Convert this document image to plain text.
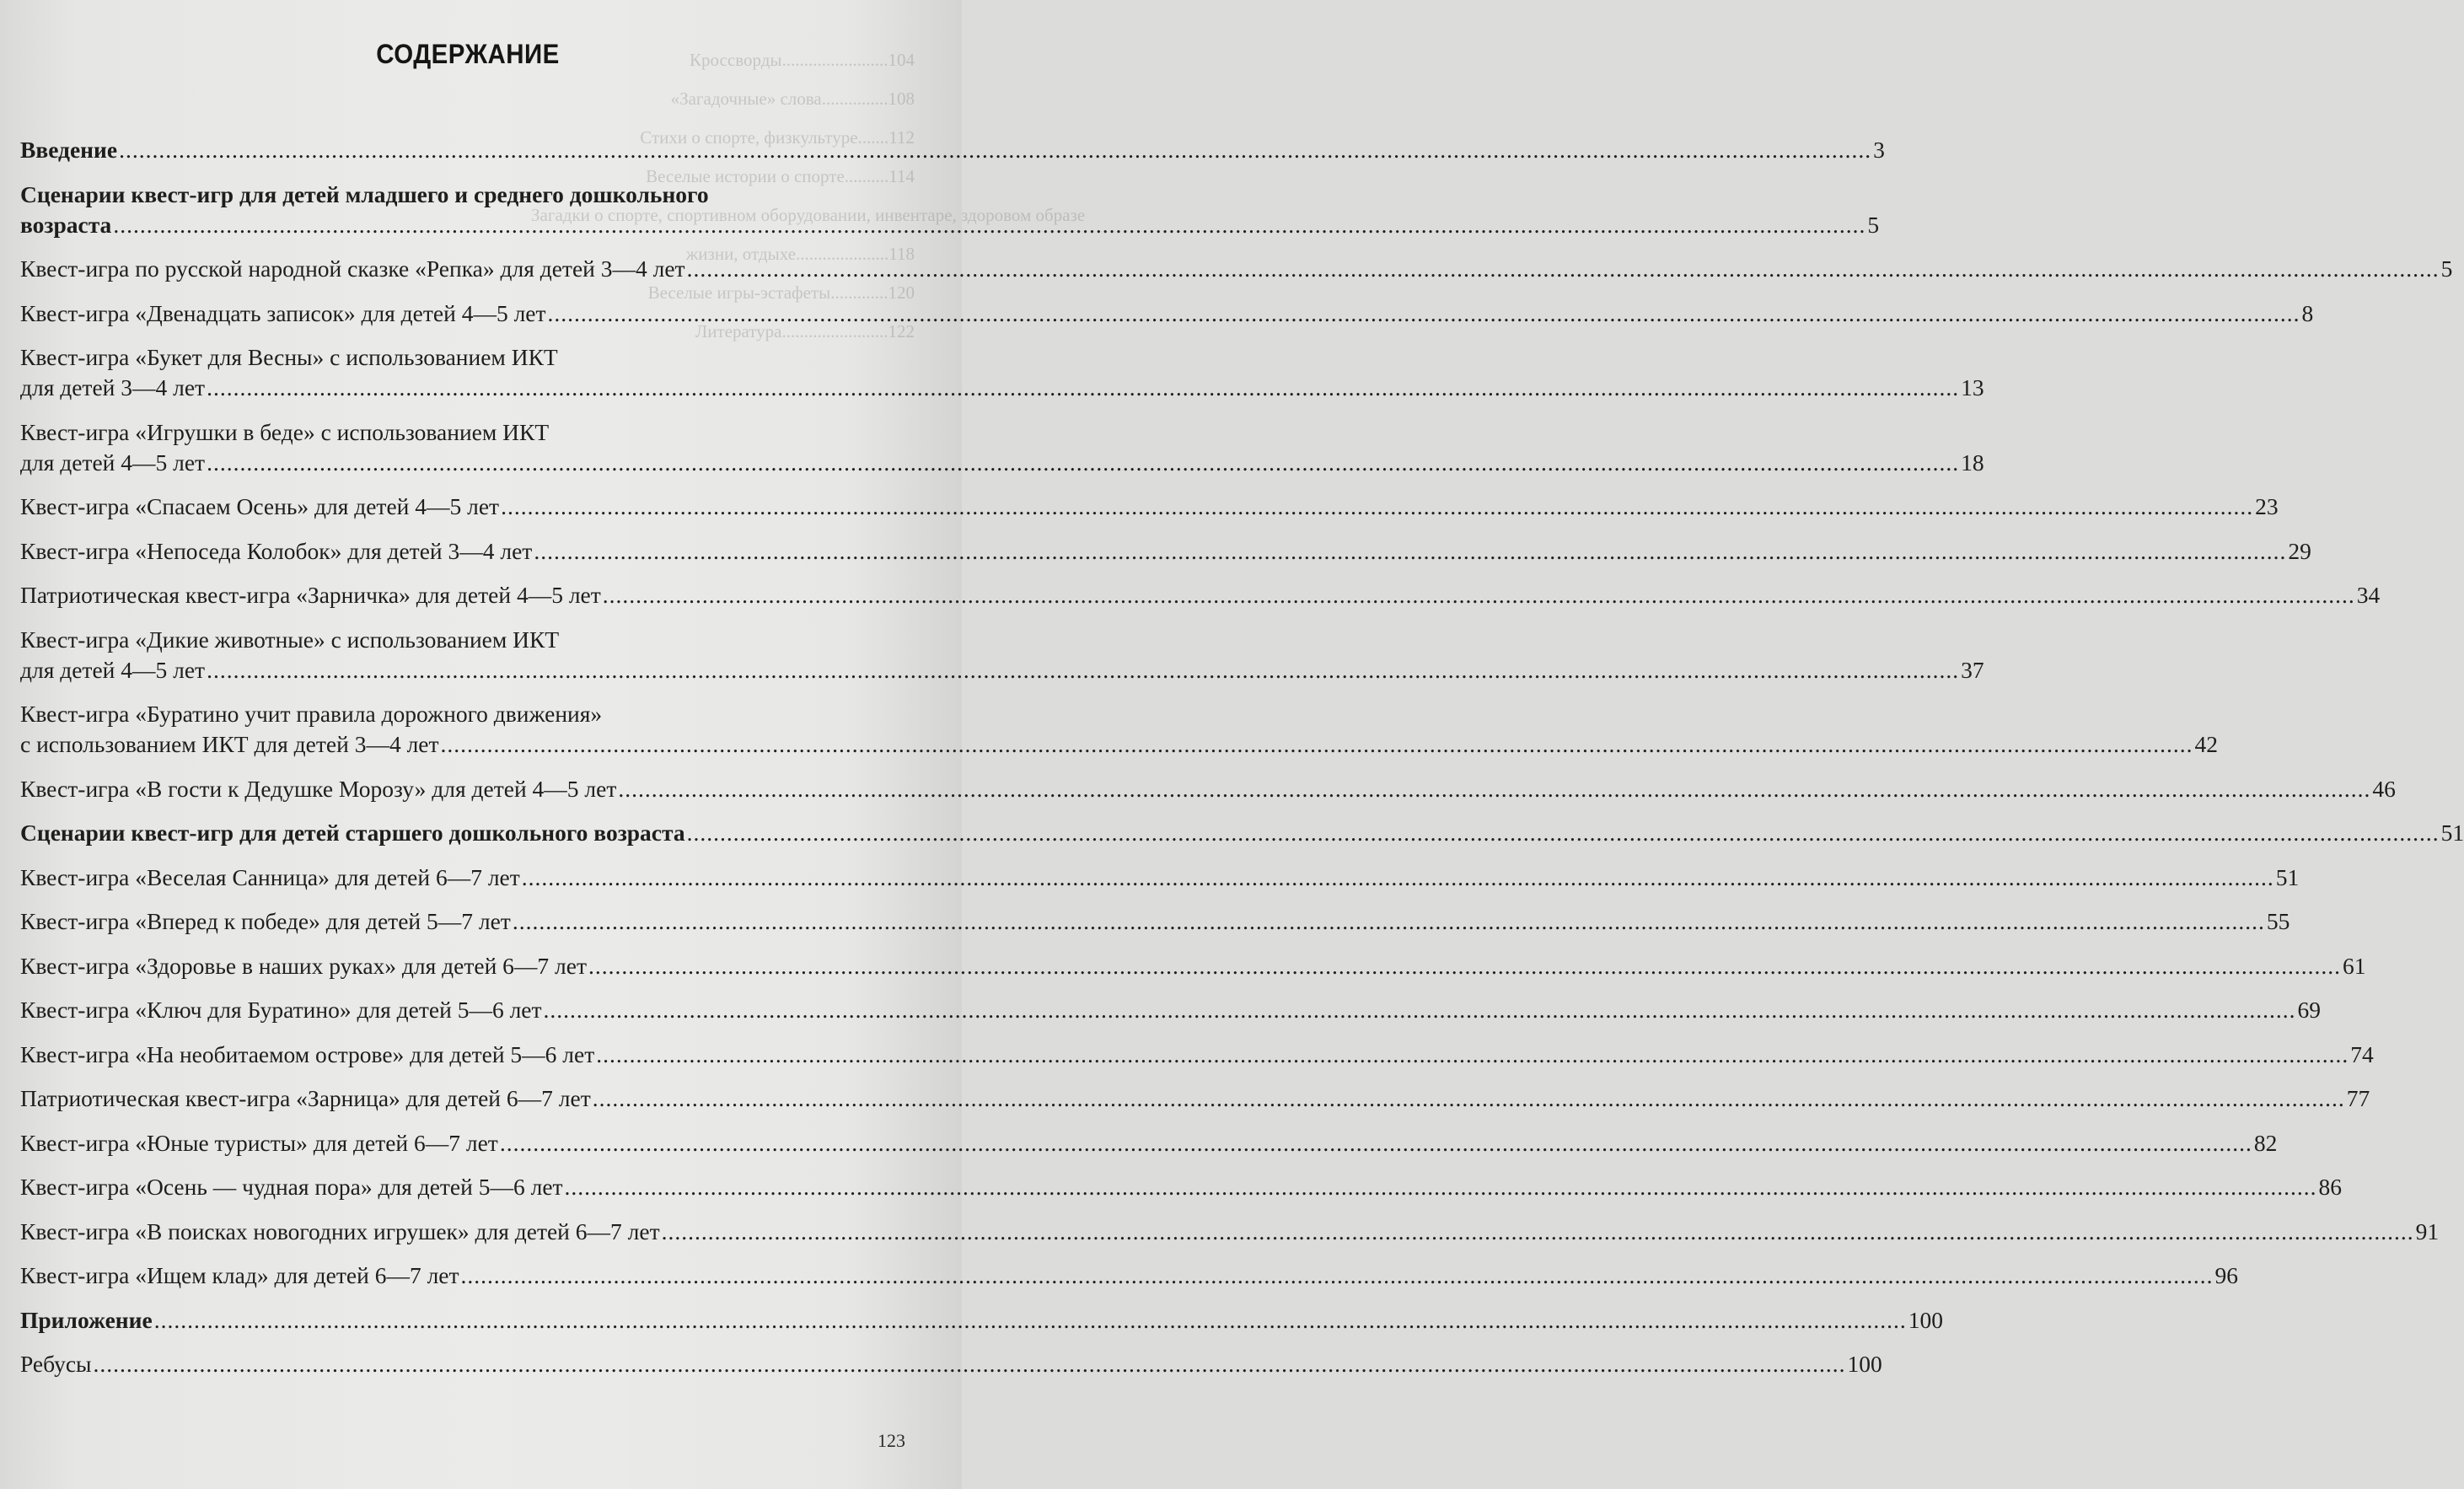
Кроссворды........................104
«Загадочные» слова...............108
Стихи о спорте, физкультуре.......112
Веселые истории о спорте..........114
Загадки о спорте, спортивном оборудовании, инвентаре, здоровом образе
жизни, отдыхе.....................118
Веселые игры-эстафеты.............120
Литература........................122
СОДЕРЖАНИЕ
Введение .....	3
Сценарии квест-игр для детей младшего и среднего дошкольного
возраста .....	5
Квест-игра по русской народной сказке «Репка» для детей 3—4 лет .....	5
Квест-игра «Двенадцать записок» для детей 4—5 лет .....	8
Квест-игра «Букет для Весны» с использованием ИКТ
для детей 3—4 лет .....	13
Квест-игра «Игрушки в беде» с использованием ИКТ
для детей 4—5 лет .....	18
Квест-игра «Спасаем Осень» для детей 4—5 лет .....	23
Квест-игра «Непоседа Колобок» для детей 3—4 лет .....	29
Патриотическая квест-игра «Зарничка» для детей 4—5 лет .....	34
Квест-игра «Дикие животные» с использованием ИКТ
для детей 4—5 лет .....	37
Квест-игра «Буратино учит правила дорожного движения»
с использованием ИКТ для детей 3—4 лет .....	42
Квест-игра «В гости к Дедушке Морозу» для детей 4—5 лет .....	46
Сценарии квест-игр для детей старшего дошкольного возраста .....	51
Квест-игра «Веселая Санница» для детей 6—7 лет .....	51
Квест-игра «Вперед к победе» для детей 5—7 лет .....	55
Квест-игра «Здоровье в наших руках» для детей 6—7 лет .....	61
Квест-игра «Ключ для Буратино» для детей 5—6 лет .....	69
Квест-игра «На необитаемом острове» для детей 5—6 лет .....	74
Патриотическая квест-игра «Зарница» для детей 6—7 лет .....	77
Квест-игра «Юные туристы» для детей 6—7 лет .....	82
Квест-игра «Осень — чудная пора» для детей 5—6 лет .....	86
Квест-игра «В поисках новогодних игрушек» для детей 6—7 лет .....	91
Квест-игра «Ищем клад» для детей 6—7 лет .....	96
Приложение .....	100
Ребусы .....	100
123
